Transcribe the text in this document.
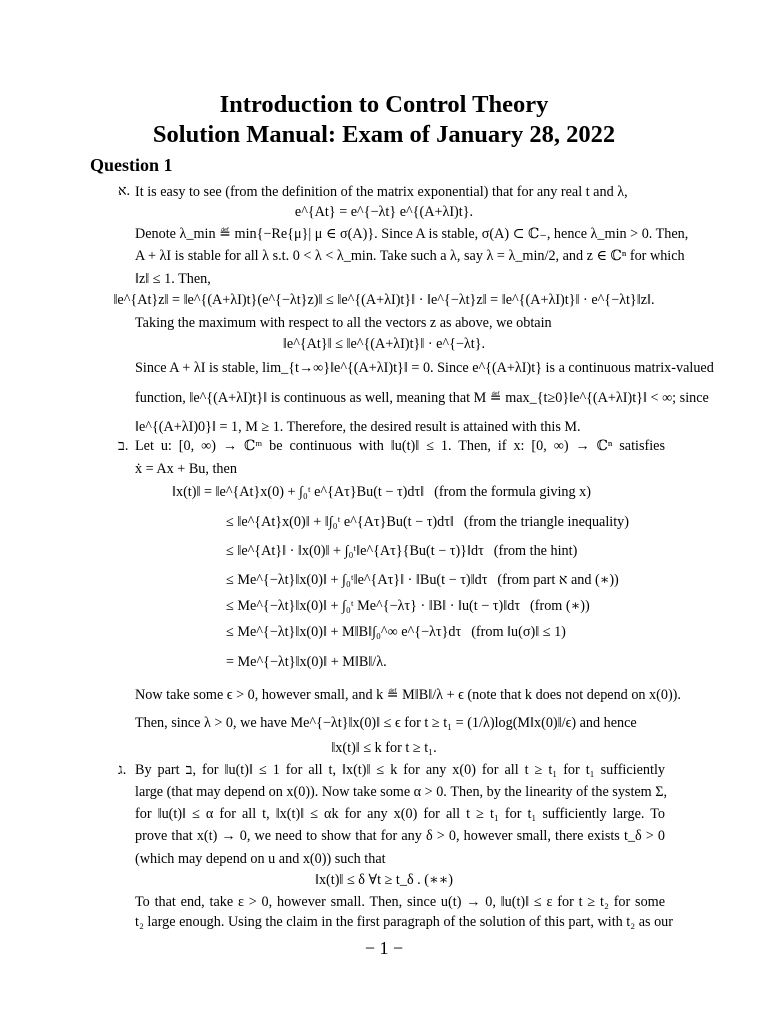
Introduction to Control Theory
Solution Manual: Exam of January 28, 2022
Question 1
א. It is easy to see (from the definition of the matrix exponential) that for any real t and λ,
e^{At} = e^{−λt} e^{(A+λI)t}.
Denote λ_min ≝ min{−Re{μ}| μ ∈ σ(A)}. Since A is stable, σ(A) ⊂ ℂ₋, hence λ_min > 0. Then,
A + λI is stable for all λ s.t. 0 < λ < λ_min. Take such a λ, say λ = λ_min/2, and z ∈ ℂⁿ for which
‖z‖ ≤ 1. Then,
‖e^{At}z‖ = ‖e^{(A+λI)t}(e^{−λt}z)‖ ≤ ‖e^{(A+λI)t}‖ · ‖e^{−λt}z‖ = ‖e^{(A+λI)t}‖ · e^{−λt}‖z‖.
Taking the maximum with respect to all the vectors z as above, we obtain
‖e^{At}‖ ≤ ‖e^{(A+λI)t}‖ · e^{−λt}.
Since A + λI is stable, lim_{t→∞}‖e^{(A+λI)t}‖ = 0. Since e^{(A+λI)t} is a continuous matrix-valued
function, ‖e^{(A+λI)t}‖ is continuous as well, meaning that M ≝ max_{t≥0}‖e^{(A+λI)t}‖ < ∞; since
‖e^{(A+λI)0}‖ = 1, M ≥ 1. Therefore, the desired result is attained with this M.
ב. Let u: [0, ∞) → ℂᵐ be continuous with ‖u(t)‖ ≤ 1. Then, if x: [0, ∞) → ℂⁿ satisfies
ẋ = Ax + Bu, then
‖x(t)‖ = ‖e^{At}x(0) + ∫₀ᵗ e^{Aτ}Bu(t − τ)dτ‖ (from the formula giving x)
≤ ‖e^{At}x(0)‖ + ‖∫₀ᵗ e^{Aτ}Bu(t − τ)dτ‖ (from the triangle inequality)
≤ ‖e^{At}‖ · ‖x(0)‖ + ∫₀ᵗ‖e^{Aτ}{Bu(t − τ)}‖dτ (from the hint)
≤ Me^{−λt}‖x(0)‖ + ∫₀ᵗ‖e^{Aτ}‖ · ‖Bu(t − τ)‖dτ (from part א and (∗))
≤ Me^{−λt}‖x(0)‖ + ∫₀ᵗ Me^{−λτ} · ‖B‖ · ‖u(t − τ)‖dτ (from (∗))
≤ Me^{−λt}‖x(0)‖ + M‖B‖∫₀^∞ e^{−λτ}dτ (from ‖u(σ)‖ ≤ 1)
= Me^{−λt}‖x(0)‖ + M‖B‖/λ.
Now take some ϵ > 0, however small, and k ≝ M‖B‖/λ + ϵ (note that k does not depend on x(0)).
Then, since λ > 0, we have Me^{−λt}‖x(0)‖ ≤ ϵ for t ≥ t₁ = (1/λ)log(M‖x(0)‖/ϵ) and hence
‖x(t)‖ ≤ k for t ≥ t₁.
ג. By part ב, for ‖u(t)‖ ≤ 1 for all t, ‖x(t)‖ ≤ k for any x(0) for all t ≥ t₁ for t₁ sufficiently
large (that may depend on x(0)). Now take some α > 0. Then, by the linearity of the system Σ,
for ‖u(t)‖ ≤ α for all t, ‖x(t)‖ ≤ αk for any x(0) for all t ≥ t₁ for t₁ sufficiently large. To
prove that x(t) → 0, we need to show that for any δ > 0, however small, there exists t_δ > 0
(which may depend on u and x(0)) such that
‖x(t)‖ ≤ δ ∀t ≥ t_δ . (∗∗)
To that end, take ε > 0, however small. Then, since u(t) → 0, ‖u(t)‖ ≤ ε for t ≥ t₂ for some
t₂ large enough. Using the claim in the first paragraph of the solution of this part, with t₂ as our
− 1 −
